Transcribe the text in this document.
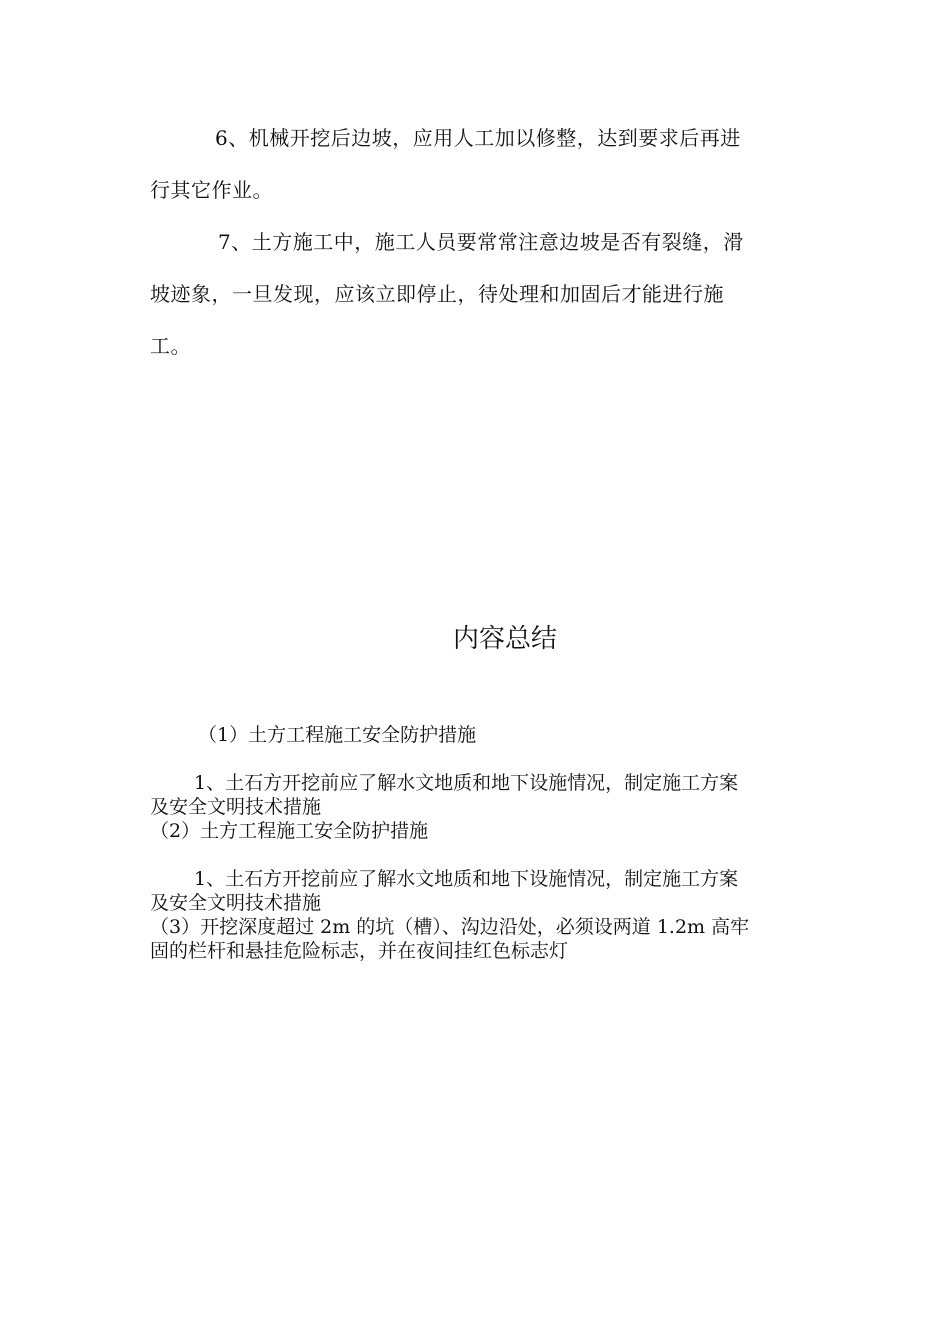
6、机械开挖后边坡，应用人工加以修整，达到要求后再进
行其它作业。
7、土方施工中，施工人员要常常注意边坡是否有裂缝，滑
坡迹象，一旦发现，应该立即停止，待处理和加固后才能进行施
工。
内容总结
（1）土方工程施工安全防护措施
1、土石方开挖前应了解水文地质和地下设施情况，制定施工方案
及安全文明技术措施
（2）土方工程施工安全防护措施
1、土石方开挖前应了解水文地质和地下设施情况，制定施工方案
及安全文明技术措施
（3）开挖深度超过 2m 的坑（槽）、沟边沿处，必须设两道 1.2m 高牢
固的栏杆和悬挂危险标志，并在夜间挂红色标志灯
